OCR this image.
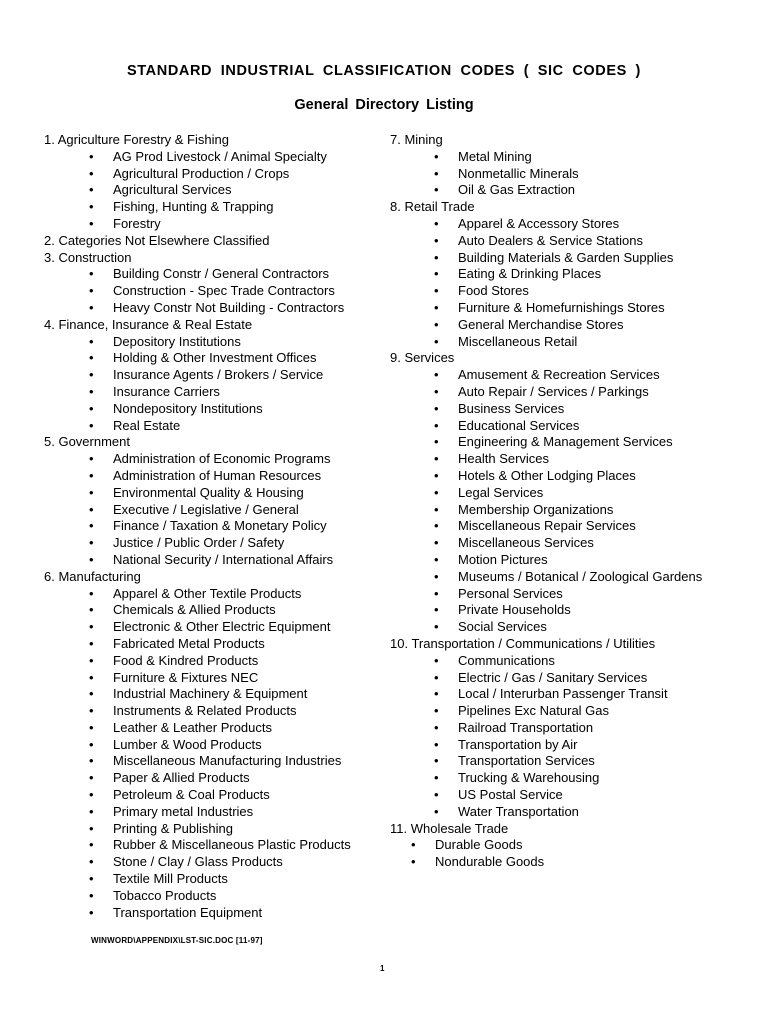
STANDARD INDUSTRIAL CLASSIFICATION CODES ( SIC CODES )
General Directory Listing
1. Agriculture Forestry & Fishing
• AG Prod Livestock / Animal Specialty
• Agricultural Production / Crops
• Agricultural Services
• Fishing, Hunting & Trapping
• Forestry
2. Categories Not Elsewhere Classified
3. Construction
• Building Constr / General Contractors
• Construction - Spec Trade Contractors
• Heavy Constr Not Building - Contractors
4. Finance, Insurance & Real Estate
• Depository Institutions
• Holding & Other Investment Offices
• Insurance Agents / Brokers / Service
• Insurance Carriers
• Nondepository Institutions
• Real Estate
5. Government
• Administration of Economic Programs
• Administration of Human Resources
• Environmental Quality & Housing
• Executive / Legislative / General
• Finance / Taxation & Monetary Policy
• Justice / Public Order / Safety
• National Security / International Affairs
6. Manufacturing
• Apparel & Other Textile Products
• Chemicals & Allied Products
• Electronic & Other Electric Equipment
• Fabricated Metal Products
• Food & Kindred Products
• Furniture & Fixtures NEC
• Industrial Machinery & Equipment
• Instruments & Related Products
• Leather & Leather Products
• Lumber & Wood Products
• Miscellaneous Manufacturing Industries
• Paper & Allied Products
• Petroleum & Coal Products
• Primary metal Industries
• Printing & Publishing
• Rubber & Miscellaneous Plastic Products
• Stone / Clay / Glass Products
• Textile Mill Products
• Tobacco Products
• Transportation Equipment
7. Mining
• Metal Mining
• Nonmetallic Minerals
• Oil & Gas Extraction
8. Retail Trade
• Apparel & Accessory Stores
• Auto Dealers & Service Stations
• Building Materials & Garden Supplies
• Eating & Drinking Places
• Food Stores
• Furniture & Homefurnishings Stores
• General Merchandise Stores
• Miscellaneous Retail
9. Services
• Amusement & Recreation Services
• Auto Repair / Services / Parkings
• Business Services
• Educational Services
• Engineering & Management Services
• Health Services
• Hotels & Other Lodging Places
• Legal Services
• Membership Organizations
• Miscellaneous Repair Services
• Miscellaneous Services
• Motion Pictures
• Museums / Botanical / Zoological Gardens
• Personal Services
• Private Households
• Social Services
10. Transportation / Communications / Utilities
• Communications
• Electric / Gas / Sanitary Services
• Local / Interurban Passenger Transit
• Pipelines Exc Natural Gas
• Railroad Transportation
• Transportation by Air
• Transportation Services
• Trucking & Warehousing
• US Postal Service
• Water Transportation
11. Wholesale Trade
• Durable Goods
• Nondurable Goods
WINWORD\APPENDIX\LST-SIC.DOC [11-97]
1
